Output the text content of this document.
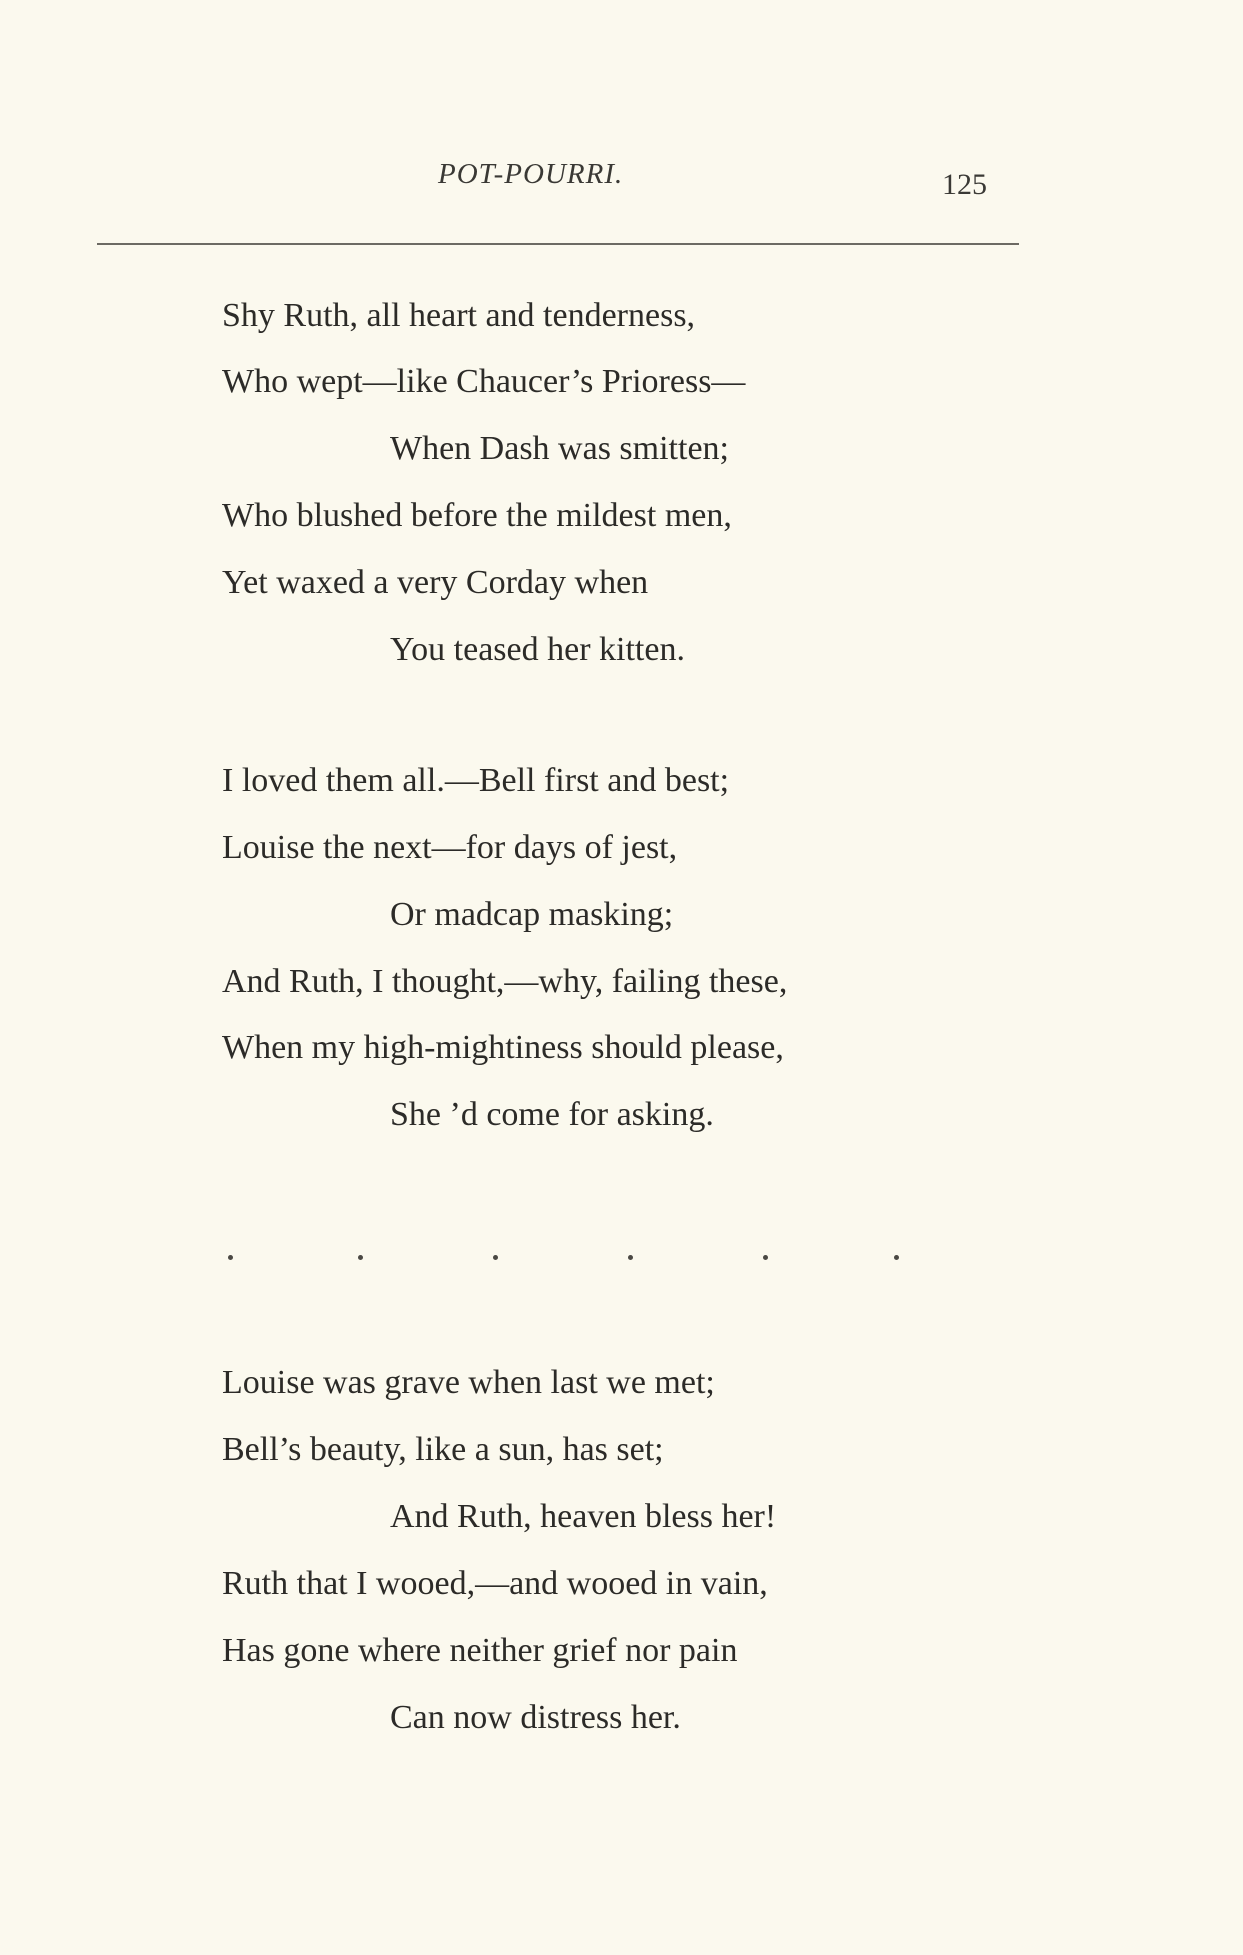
POT-POURRI.	125
Shy Ruth, all heart and tenderness,
Who wept—like Chaucer’s Prioress—
When Dash was smitten;
Who blushed before the mildest men,
Yet waxed a very Corday when
You teased her kitten.
I loved them all.—Bell first and best;
Louise the next—for days of jest,
Or madcap masking;
And Ruth, I thought,—why, failing these,
When my high-mightiness should please,
She ’d come for asking.
Louise was grave when last we met;
Bell’s beauty, like a sun, has set;
And Ruth, heaven bless her!
Ruth that I wooed,—and wooed in vain,
Has gone where neither grief nor pain
Can now distress her.
